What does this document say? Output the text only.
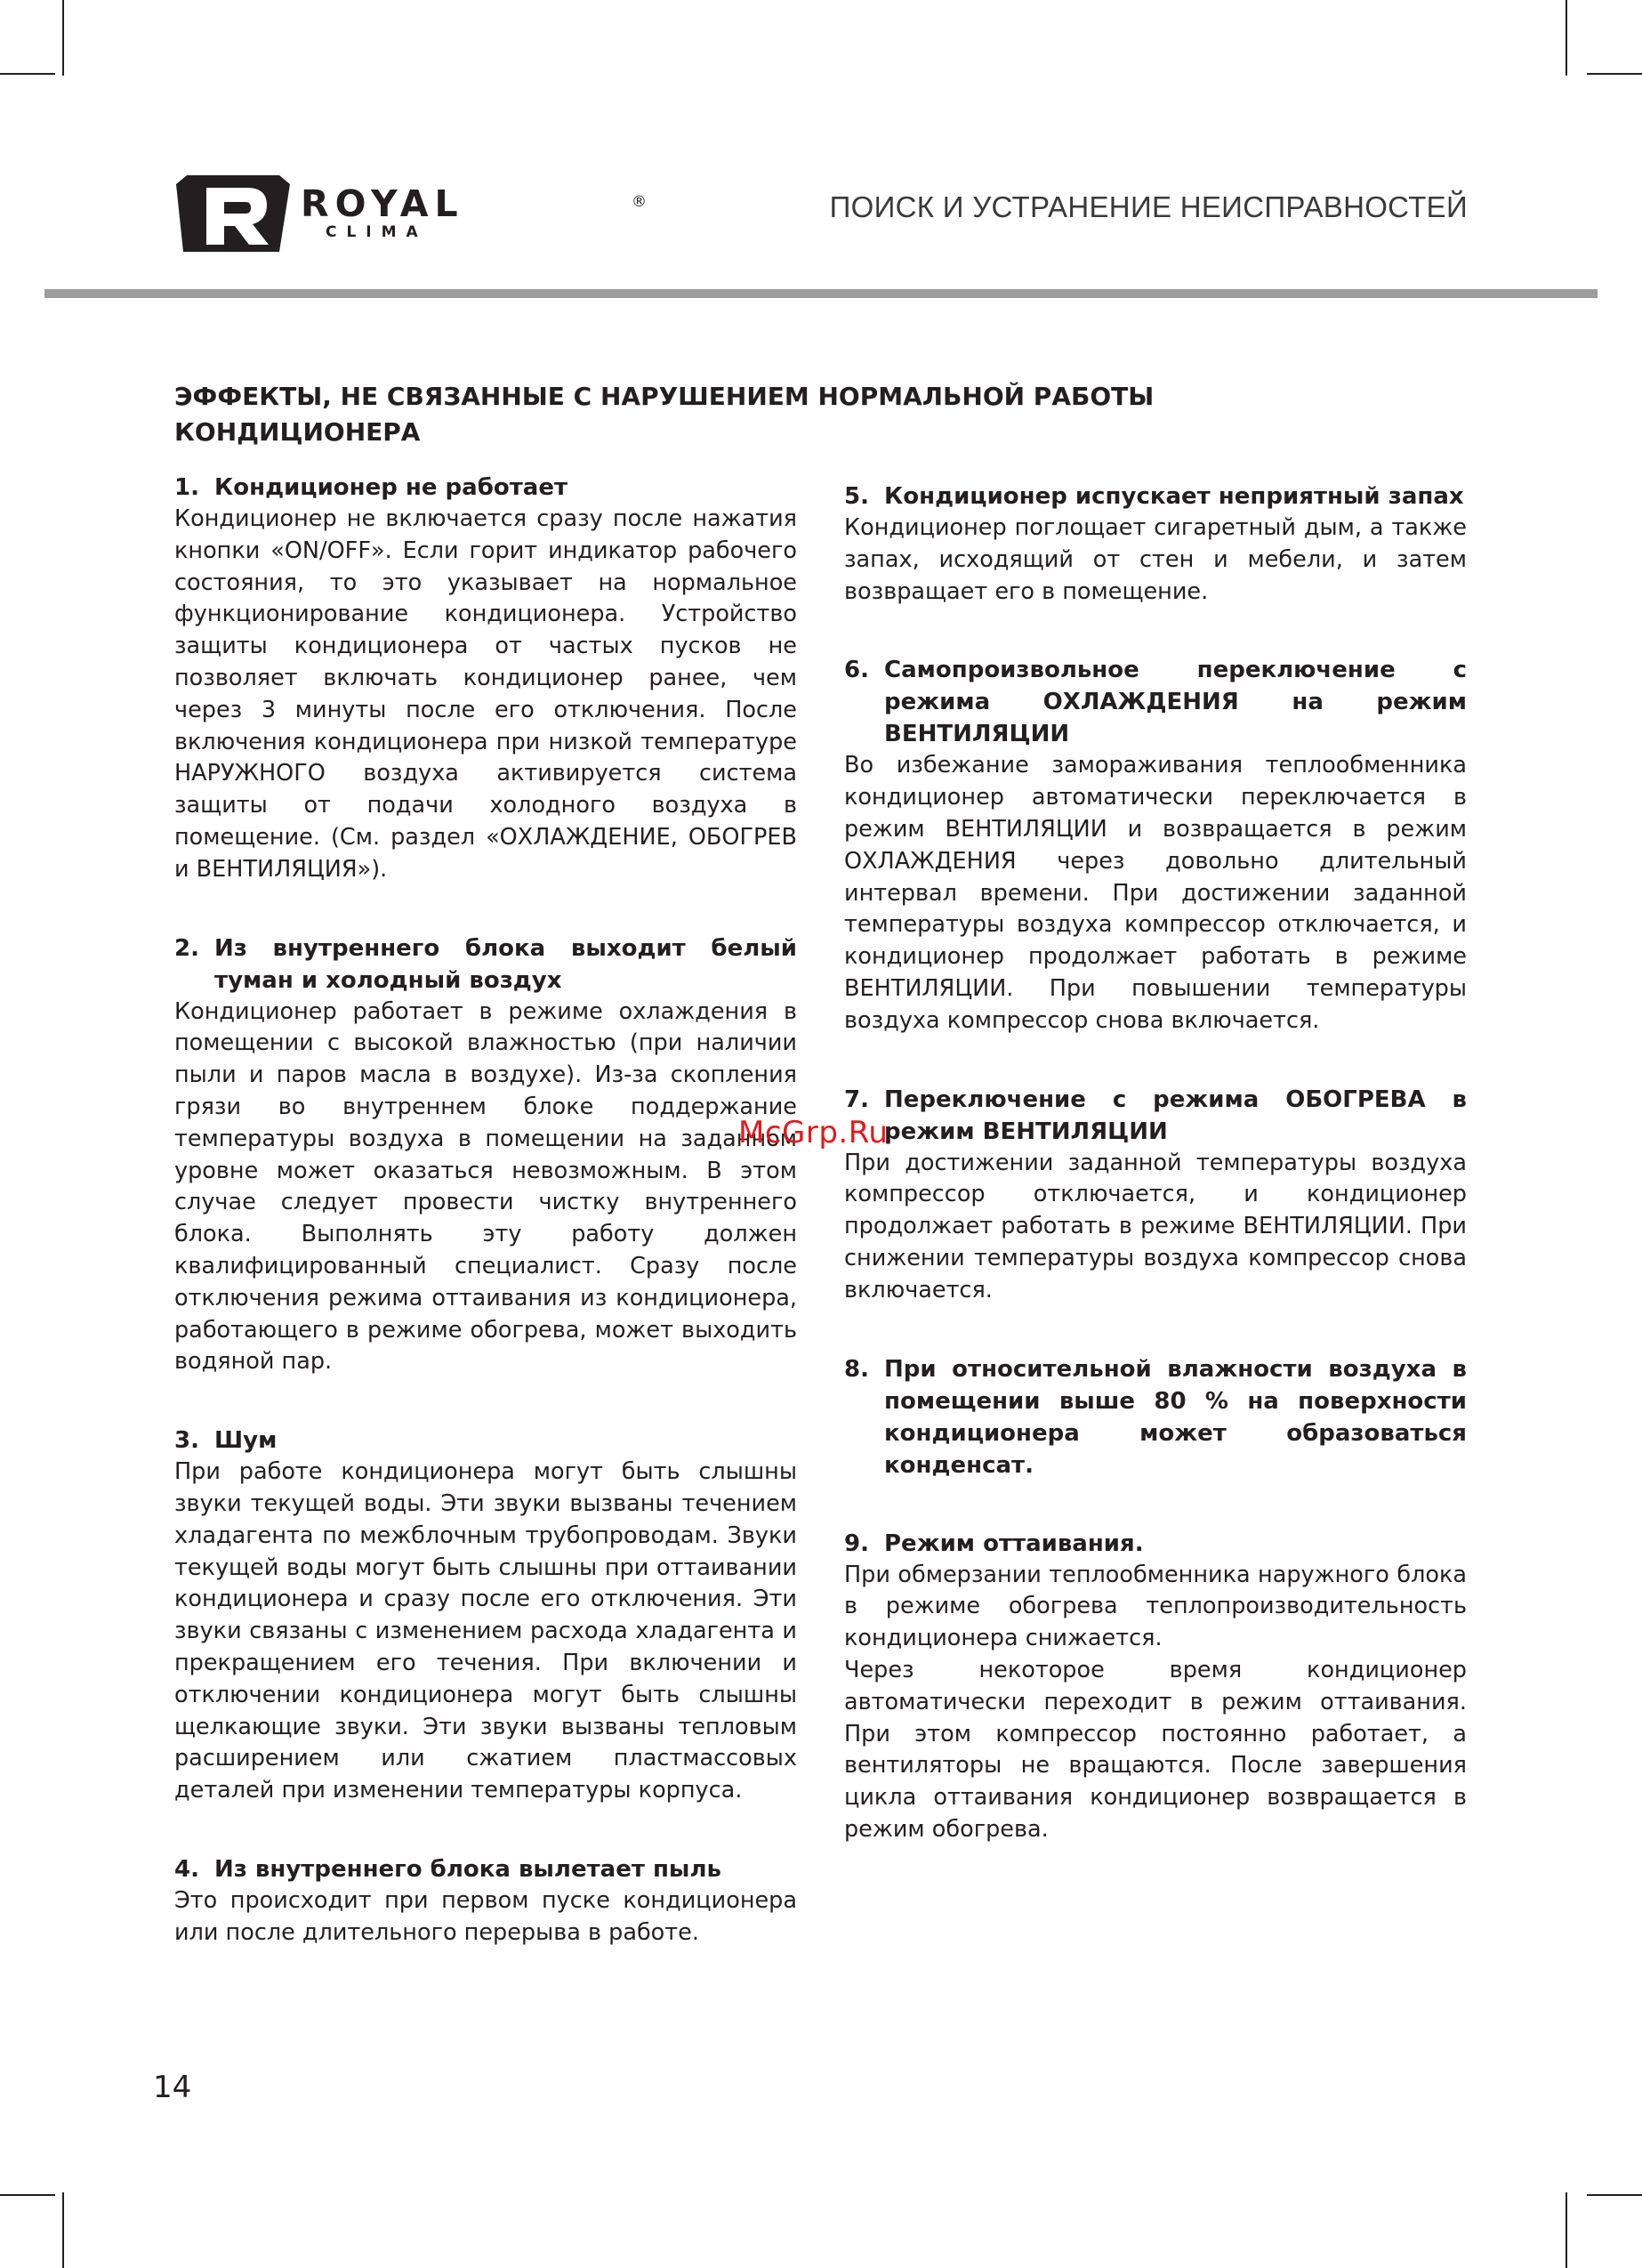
ROYAL
CLIMA
®	ПОИСК И УСТРАНЕНИЕ НЕИСПРАВНОСТЕЙ
ЭФФЕКТЫ, НЕ СВЯЗАННЫЕ С НАРУШЕНИЕМ НОРМАЛЬНОЙ РАБОТЫ КОНДИЦИОНЕРА
1. Кондиционер не работает
Кондиционер не включается сразу после нажатия кнопки «ON/OFF». Если горит индикатор рабочего состояния, то это указывает на нормальное функционирование кондиционера. Устройство защиты кондиционера от частых пусков не позволяет включать кондиционер ранее, чем через 3 минуты после его отключения. После включения кондиционера при низкой температуре НАРУЖНОГО воздуха активируется система защиты от подачи холодного воздуха в помещение. (См. раздел «ОХЛАЖДЕНИЕ, ОБОГРЕВ и ВЕНТИЛЯЦИЯ»).
2. Из внутреннего блока выходит белый туман и холодный воздух
Кондиционер работает в режиме охлаждения в помещении с высокой влажностью (при наличии пыли и паров масла в воздухе). Из-за скопления грязи во внутреннем блоке поддержание температуры воздуха в помещении на заданном уровне может оказаться невозможным. В этом случае следует провести чистку внутреннего блока. Выполнять эту работу должен квалифицированный специалист. Сразу после отключения режима оттаивания из кондиционера, работающего в режиме обогрева, может выходить водяной пар.
3. Шум
При работе кондиционера могут быть слышны звуки текущей воды. Эти звуки вызваны течением хладагента по межблочным трубопроводам. Звуки текущей воды могут быть слышны при оттаивании кондиционера и сразу после его отключения. Эти звуки связаны с изменением расхода хладагента и прекращением его течения. При включении и отключении кондиционера могут быть слышны щелкающие звуки. Эти звуки вызваны тепловым расширением или сжатием пластмассовых деталей при изменении температуры корпуса.
4. Из внутреннего блока вылетает пыль
Это происходит при первом пуске кондиционера или после длительного перерыва в работе.
5. Кондиционер испускает неприятный запах
Кондиционер поглощает сигаретный дым, а также запах, исходящий от стен и мебели, и затем возвращает его в помещение.
6. Самопроизвольное переключение с режима ОХЛАЖДЕНИЯ на режим ВЕНТИЛЯЦИИ
Во избежание замораживания теплообменника кондиционер автоматически переключается в режим ВЕНТИЛЯЦИИ и возвращается в режим ОХЛАЖДЕНИЯ через довольно длительный интервал времени. При достижении заданной температуры воздуха компрессор отключается, и кондиционер продолжает работать в режиме ВЕНТИЛЯЦИИ. При повышении температуры воздуха компрессор снова включается.
7. Переключение с режима ОБОГРЕВА в режим ВЕНТИЛЯЦИИ
При достижении заданной температуры воздуха компрессор отключается, и кондиционер продолжает работать в режиме ВЕНТИЛЯЦИИ. При снижении температуры воздуха компрессор снова включается.
8. При относительной влажности воздуха в помещении выше 80 % на поверхности кондиционера может образоваться конденсат.
9. Режим оттаивания.
При обмерзании теплообменника наружного блока в режиме обогрева теплопроизводительность кондиционера снижается.
Через некоторое время кондиционер автоматически переходит в режим оттаивания. При этом компрессор постоянно работает, а вентиляторы не вращаются. После завершения цикла оттаивания кондиционер возвращается в режим обогрева.
McGrp.Ru
14
